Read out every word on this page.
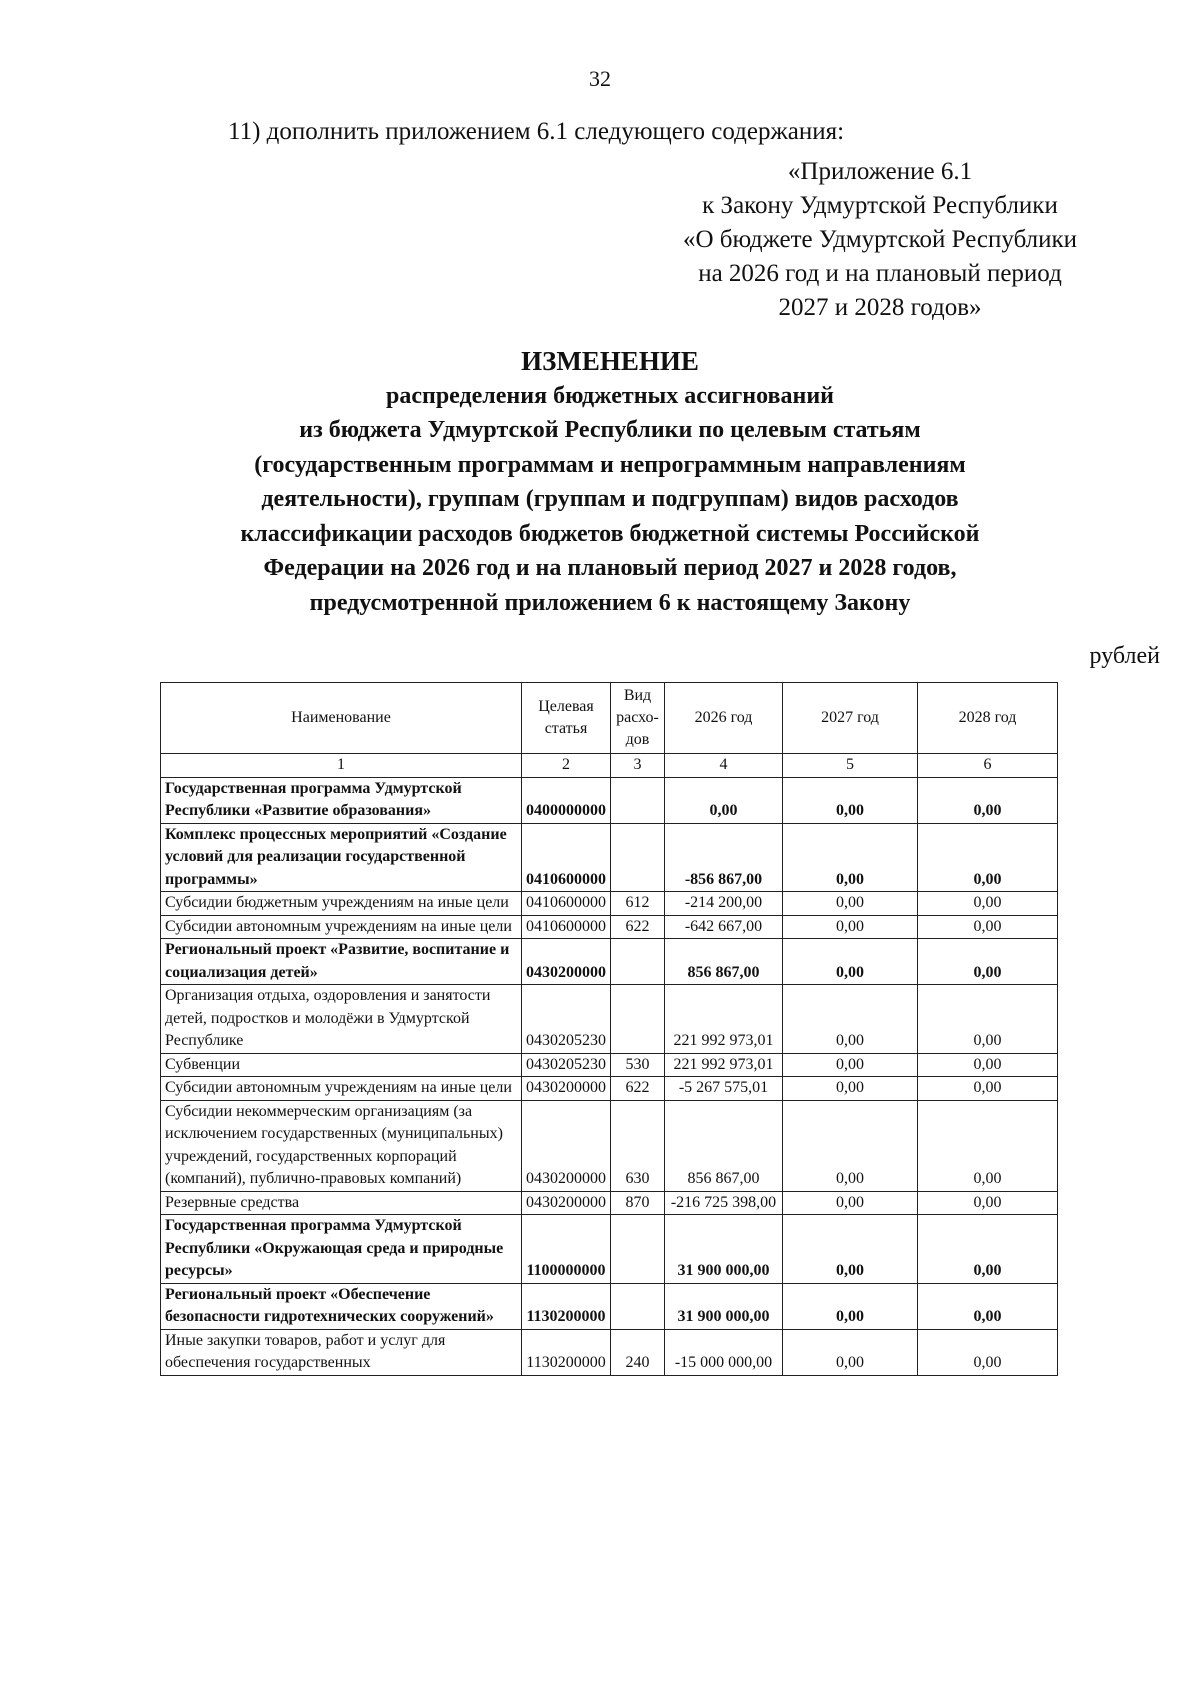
32
11) дополнить приложением 6.1 следующего содержания:
«Приложение 6.1
к Закону Удмуртской Республики
«О бюджете Удмуртской Республики
на 2026 год и на плановый период
2027 и 2028 годов»
ИЗМЕНЕНИЕ
распределения бюджетных ассигнований
из бюджета Удмуртской Республики по целевым статьям
(государственным программам и непрограммным направлениям
деятельности), группам (группам и подгруппам) видов расходов
классификации расходов бюджетов бюджетной системы Российской
Федерации на 2026 год и на плановый период 2027 и 2028 годов,
предусмотренной приложением 6 к настоящему Закону
рублей
Наименование	Целевая статья	Вид расхо-дов	2026 год	2027 год	2028 год
1	2	3	4	5	6
Государственная программа Удмуртской Республики «Развитие образования»	0400000000		0,00	0,00	0,00
Комплекс процессных мероприятий «Создание условий для реализации государственной программы»	0410600000		-856 867,00	0,00	0,00
Субсидии бюджетным учреждениям на иные цели	0410600000	612	-214 200,00	0,00	0,00
Субсидии автономным учреждениям на иные цели	0410600000	622	-642 667,00	0,00	0,00
Региональный проект «Развитие, воспитание и социализация детей»	0430200000		856 867,00	0,00	0,00
Организация отдыха, оздоровления и занятости детей, подростков и молодёжи в Удмуртской Республике	0430205230		221 992 973,01	0,00	0,00
Субвенции	0430205230	530	221 992 973,01	0,00	0,00
Субсидии автономным учреждениям на иные цели	0430200000	622	-5 267 575,01	0,00	0,00
Субсидии некоммерческим организациям (за исключением государственных (муниципальных) учреждений, государственных корпораций (компаний), публично-правовых компаний)	0430200000	630	856 867,00	0,00	0,00
Резервные средства	0430200000	870	-216 725 398,00	0,00	0,00
Государственная программа Удмуртской Республики «Окружающая среда и природные ресурсы»	1100000000		31 900 000,00	0,00	0,00
Региональный проект «Обеспечение безопасности гидротехнических сооружений»	1130200000		31 900 000,00	0,00	0,00
Иные закупки товаров, работ и услуг для обеспечения государственных	1130200000	240	-15 000 000,00	0,00	0,00
